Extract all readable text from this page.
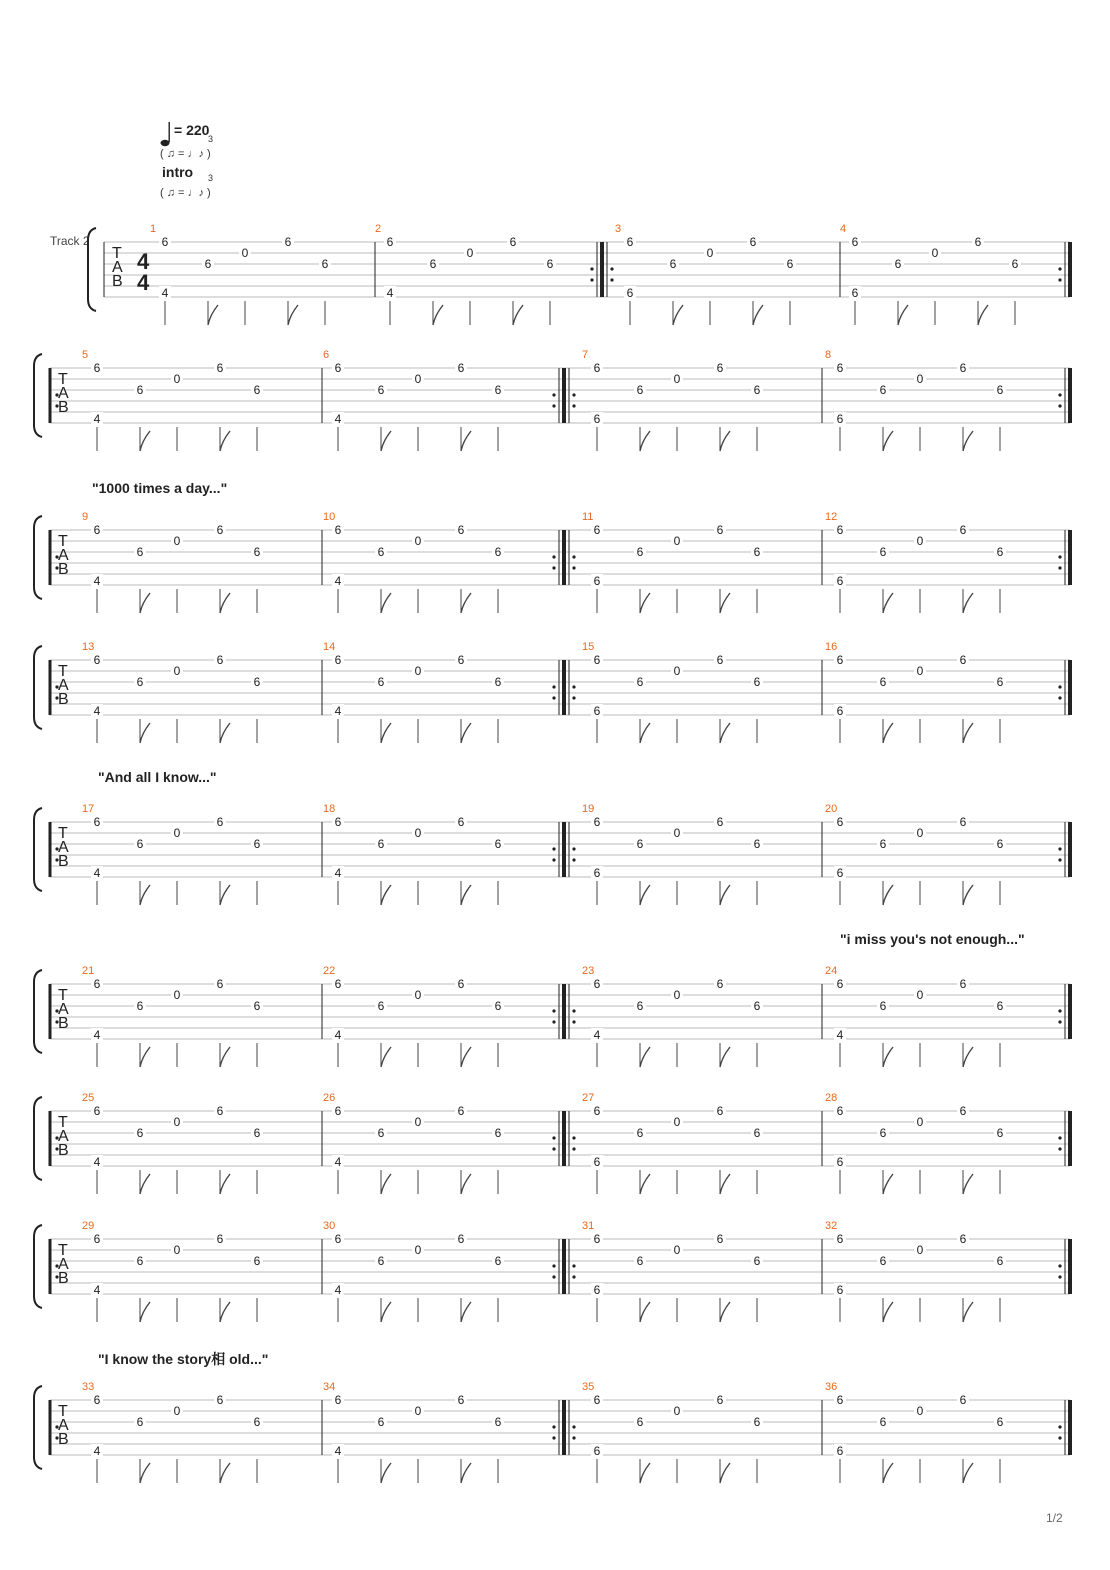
= 220
( ♫ = ♩♪ )
3
intro 3
( ♫ = ♩♪ )
Track 2
"1000 times a day..."
"And all I know..."
"i miss you's not enough..."
"I know the story相 old..."
T
A
B
4
4
1
4
6
6
0
6
6
2
4
6
6
0
6
6
3
6
6
6
0
6
6
4
6
6
6
0
6
6
T
A
B
5
4
6
6
0
6
6
6
4
6
6
0
6
6
7
6
6
6
0
6
6
8
6
6
6
0
6
6
T
A
B
9
4
6
6
0
6
6
10
4
6
6
0
6
6
11
6
6
6
0
6
6
12
6
6
6
0
6
6
T
A
B
13
4
6
6
0
6
6
14
4
6
6
0
6
6
15
6
6
6
0
6
6
16
6
6
6
0
6
6
T
A
B
17
4
6
6
0
6
6
18
4
6
6
0
6
6
19
6
6
6
0
6
6
20
6
6
6
0
6
6
T
A
B
21
4
6
6
0
6
6
22
4
6
6
0
6
6
23
4
6
6
0
6
6
24
4
6
6
0
6
6
T
A
B
25
4
6
6
0
6
6
26
4
6
6
0
6
6
27
6
6
6
0
6
6
28
6
6
6
0
6
6
T
A
B
29
4
6
6
0
6
6
30
4
6
6
0
6
6
31
6
6
6
0
6
6
32
6
6
6
0
6
6
T
A
B
33
4
6
6
0
6
6
34
4
6
6
0
6
6
35
6
6
6
0
6
6
36
6
6
6
0
6
6
1/2
